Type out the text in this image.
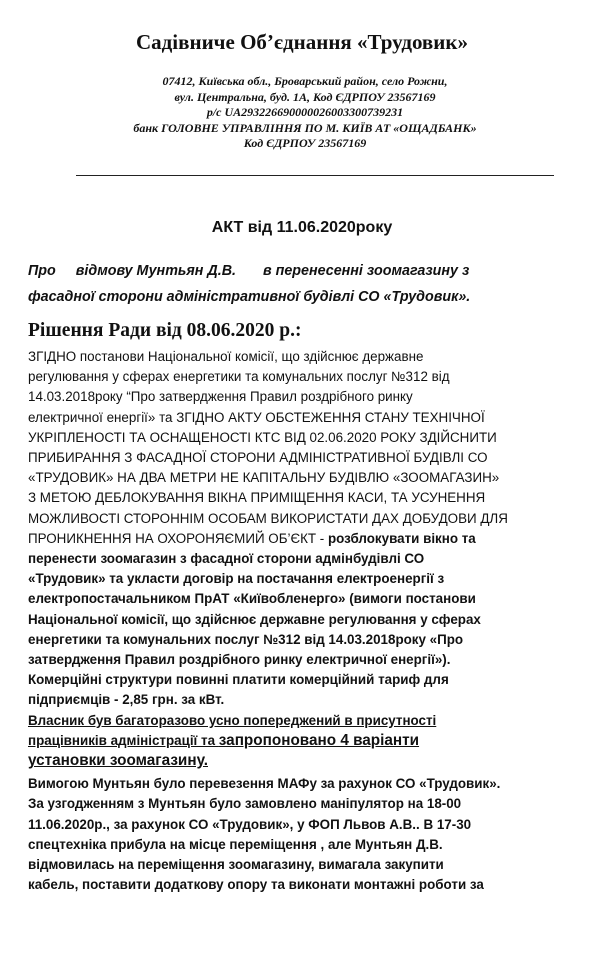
Садівниче Об’єднання «Трудовик»
07412, Київська обл., Броварський район, село Рожни,
вул. Центральна, буд. 1А, Код ЄДРПОУ 23567169
р/с UA293226690000026003300739231
банк ГОЛОВНЕ УПРАВЛІННЯ ПО М. КИЇВ АТ «ОЩАДБАНК»
Код ЄДРПОУ 23567169
АКТ від 11.06.2020року
Про відмову Мунтьян Д.В. в перенесенні зоомагазину з
фасадної сторони адміністративної будівлі СО «Трудовик».
Рішення Ради від 08.06.2020 р.:
ЗГІДНО постанови Національної комісії, що здійснює державне
регулювання у сферах енергетики та комунальних послуг №312 від
14.03.2018року “Про затвердження Правил роздрібного ринку
електричної енергії» та ЗГІДНО АКТУ ОБСТЕЖЕННЯ СТАНУ ТЕХНІЧНОЇ
УКРІПЛЕНОСТІ ТА ОСНАЩЕНОСТІ КТС ВІД 02.06.2020 РОКУ ЗДІЙСНИТИ
ПРИБИРАННЯ З ФАСАДНОЇ СТОРОНИ АДМІНІСТРАТИВНОЇ БУДІВЛІ СО
«ТРУДОВИК» НА ДВА МЕТРИ НЕ КАПІТАЛЬНУ БУДІВЛЮ «ЗООМАГАЗИН»
З МЕТОЮ ДЕБЛОКУВАННЯ ВІКНА ПРИМІЩЕННЯ КАСИ, ТА УСУНЕННЯ
МОЖЛИВОСТІ СТОРОННІМ ОСОБАМ ВИКОРИСТАТИ ДАХ ДОБУДОВИ ДЛЯ
ПРОНИКНЕННЯ НА ОХОРОНЯЄМИЙ ОБ’ЄКТ - розблокувати вікно та
перенести зоомагазин з фасадної сторони адмінбудівлі СО
«Трудовик» та укласти договір на постачання електроенергії з
електропостачальником ПрАТ «Київобленерго» (вимоги постанови
Національної комісії, що здійснює державне регулювання у сферах
енергетики та комунальних послуг №312 від 14.03.2018року «Про
затвердження Правил роздрібного ринку електричної енергії»).
Комерційні структури повинні платити комерційний тариф для
підприємців - 2,85 грн. за кВт.
Власник був багаторазово усно попереджений в присутності
працівників адміністрації та запропоновано 4 варіанти
установки зоомагазину.
Вимогою Мунтьян було перевезення МАФу за рахунок СО «Трудовик».
За узгодженням з Мунтьян було замовлено маніпулятор на 18-00
11.06.2020р., за рахунок СО «Трудовик», у ФОП Львов А.В.. В 17-30
спецтехніка прибула на місце переміщення , але Мунтьян Д.В.
відмовилась на переміщення зоомагазину, вимагала закупити
кабель, поставити додаткову опору та виконати монтажні роботи за
